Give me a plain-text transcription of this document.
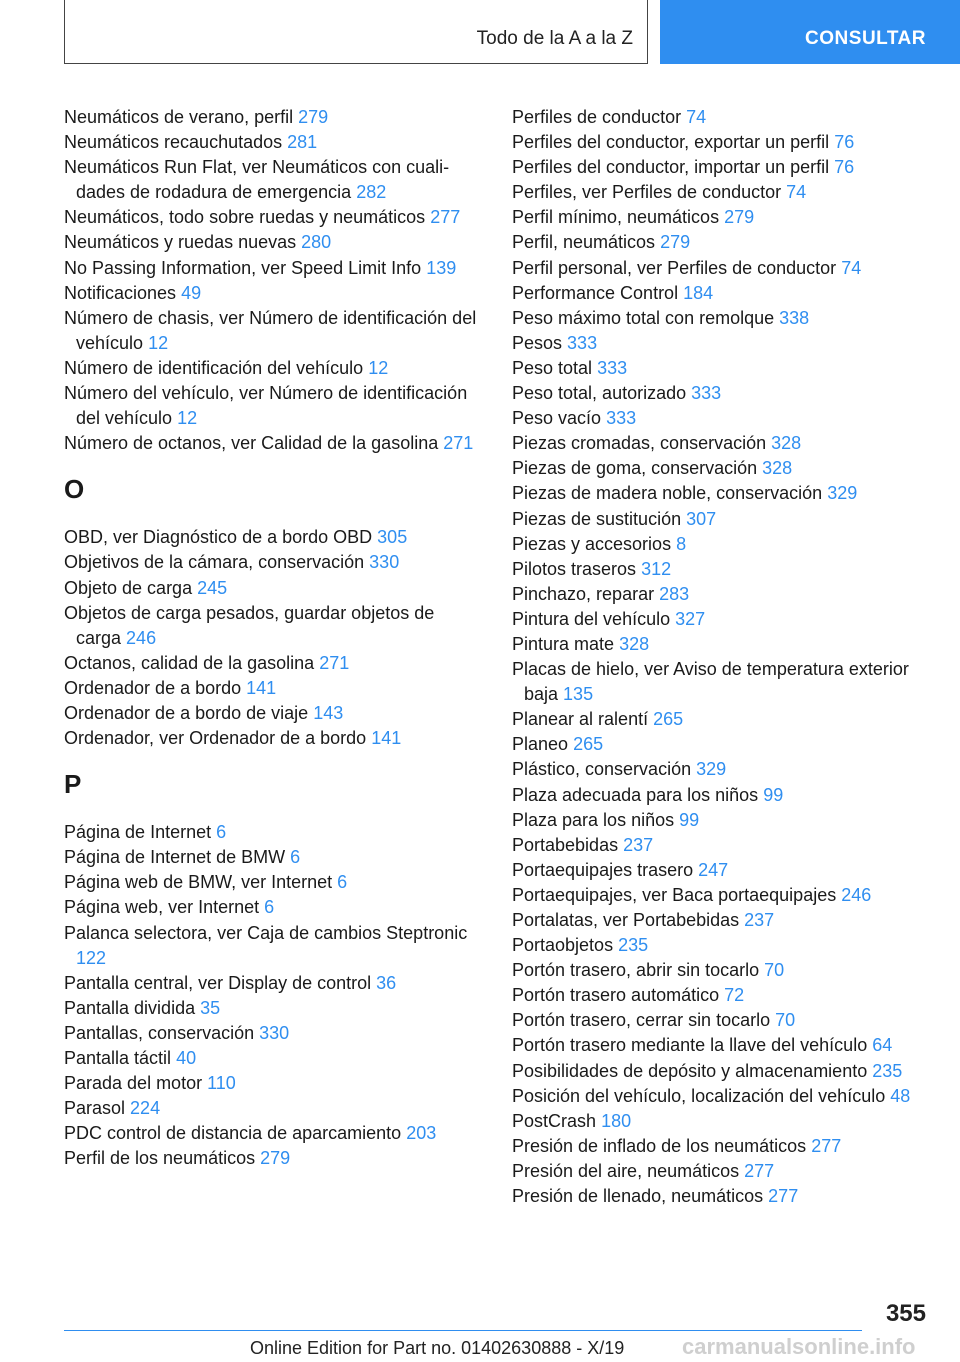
Todo de la A a la Z	CONSULTAR
Neumáticos de verano, perfil 279
Neumáticos recauchutados 281
Neumáticos Run Flat, ver Neumáticos con cualidades de rodadura de emergencia 282
Neumáticos, todo sobre ruedas y neumáticos 277
Neumáticos y ruedas nuevas 280
No Passing Information, ver Speed Limit Info 139
Notificaciones 49
Número de chasis, ver Número de identificación del vehículo 12
Número de identificación del vehículo 12
Número del vehículo, ver Número de identificación del vehículo 12
Número de octanos, ver Calidad de la gasolina 271
O
OBD, ver Diagnóstico de a bordo OBD 305
Objetivos de la cámara, conservación 330
Objeto de carga 245
Objetos de carga pesados, guardar objetos de carga 246
Octanos, calidad de la gasolina 271
Ordenador de a bordo 141
Ordenador de a bordo de viaje 143
Ordenador, ver Ordenador de a bordo 141
P
Página de Internet 6
Página de Internet de BMW 6
Página web de BMW, ver Internet 6
Página web, ver Internet 6
Palanca selectora, ver Caja de cambios Steptronic 122
Pantalla central, ver Display de control 36
Pantalla dividida 35
Pantallas, conservación 330
Pantalla táctil 40
Parada del motor 110
Parasol 224
PDC control de distancia de aparcamiento 203
Perfil de los neumáticos 279
Perfiles de conductor 74
Perfiles del conductor, exportar un perfil 76
Perfiles del conductor, importar un perfil 76
Perfiles, ver Perfiles de conductor 74
Perfil mínimo, neumáticos 279
Perfil, neumáticos 279
Perfil personal, ver Perfiles de conductor 74
Performance Control 184
Peso máximo total con remolque 338
Pesos 333
Peso total 333
Peso total, autorizado 333
Peso vacío 333
Piezas cromadas, conservación 328
Piezas de goma, conservación 328
Piezas de madera noble, conservación 329
Piezas de sustitución 307
Piezas y accesorios 8
Pilotos traseros 312
Pinchazo, reparar 283
Pintura del vehículo 327
Pintura mate 328
Placas de hielo, ver Aviso de temperatura exterior baja 135
Planear al ralentí 265
Planeo 265
Plástico, conservación 329
Plaza adecuada para los niños 99
Plaza para los niños 99
Portabebidas 237
Portaequipajes trasero 247
Portaequipajes, ver Baca portaequipajes 246
Portalatas, ver Portabebidas 237
Portaobjetos 235
Portón trasero, abrir sin tocarlo 70
Portón trasero automático 72
Portón trasero, cerrar sin tocarlo 70
Portón trasero mediante la llave del vehículo 64
Posibilidades de depósito y almacenamiento 235
Posición del vehículo, localización del vehículo 48
PostCrash 180
Presión de inflado de los neumáticos 277
Presión del aire, neumáticos 277
Presión de llenado, neumáticos 277
355
Online Edition for Part no. 01402630888 - X/19	carmanualsonline.info
